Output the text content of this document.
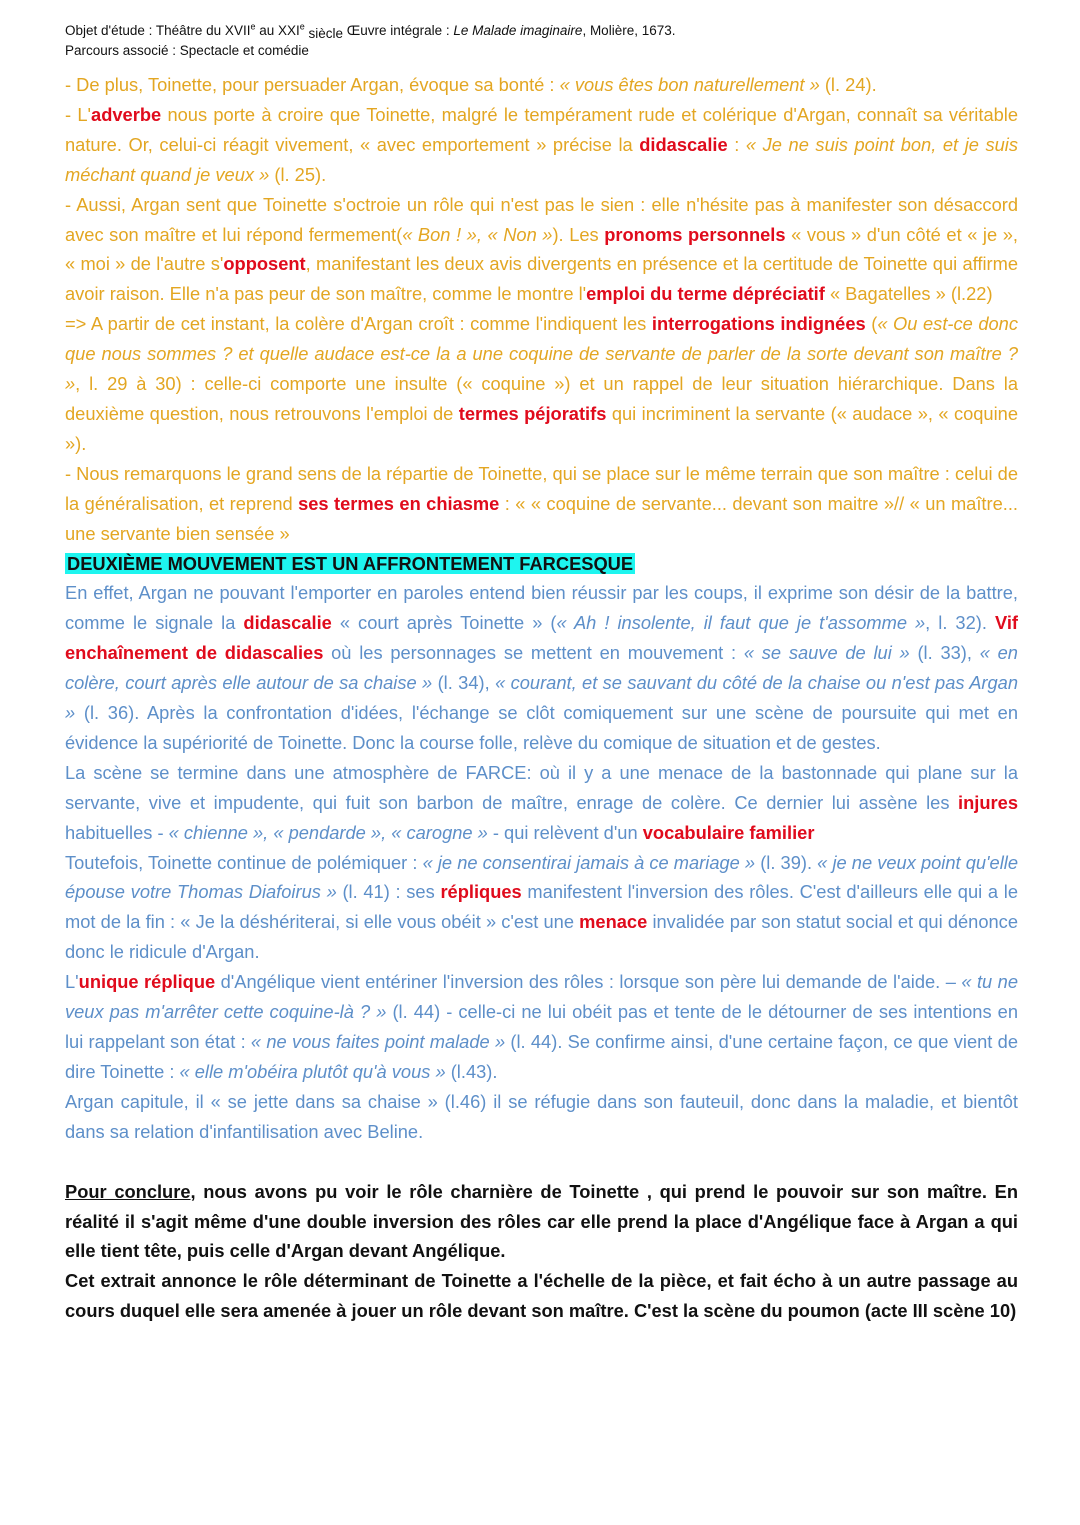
Objet d'étude : Théâtre du XVIIe au XXIe siècle Œuvre intégrale : Le Malade imaginaire, Molière, 1673.
Parcours associé : Spectacle et comédie

- De plus, Toinette, pour persuader Argan, évoque sa bonté : « vous êtes bon naturellement » (l. 24).

- L'adverbe nous porte à croire que Toinette, malgré le tempérament rude et colérique d'Argan, connaît sa véritable nature. Or, celui-ci réagit vivement, « avec emportement » précise la didascalie : « Je ne suis point bon, et je suis méchant quand je veux » (l. 25).

- Aussi, Argan sent que Toinette s'octroie un rôle qui n'est pas le sien : elle n'hésite pas à manifester son désaccord avec son maître et lui répond fermement(« Bon ! », « Non »). Les pronoms personnels « vous » d'un côté et « je », « moi » de l'autre s'opposent, manifestant les deux avis divergents en présence et la certitude de Toinette qui affirme avoir raison. Elle n'a pas peur de son maître, comme le montre l'emploi du terme dépréciatif « Bagatelles » (l.22)

=> A partir de cet instant, la colère d'Argan croît : comme l'indiquent les interrogations indignées (« Ou est-ce donc que nous sommes ? et quelle audace est-ce la a une coquine de servante de parler de la sorte devant son maître ? », l. 29 à 30) : celle-ci comporte une insulte (« coquine ») et un rappel de leur situation hiérarchique. Dans la deuxième question, nous retrouvons l'emploi de termes péjoratifs qui incriminent la servante (« audace », « coquine »).

- Nous remarquons le grand sens de la répartie de Toinette, qui se place sur le même terrain que son maître : celui de la généralisation, et reprend ses termes en chiasme : « « coquine de servante... devant son maitre »// « un maître... une servante bien sensée »

DEUXIÈME MOUVEMENT EST UN AFFRONTEMENT FARCESQUE

En effet, Argan ne pouvant l'emporter en paroles entend bien réussir par les coups, il exprime son désir de la battre, comme le signale la didascalie « court après Toinette » (« Ah ! insolente, il faut que je t'assomme », l. 32). Vif enchaînement de didascalies où les personnages se mettent en mouvement : « se sauve de lui » (l. 33), « en colère, court après elle autour de sa chaise » (l. 34), « courant, et se sauvant du côté de la chaise ou n'est pas Argan » (l. 36). Après la confrontation d'idées, l'échange se clôt comiquement sur une scène de poursuite qui met en évidence la supériorité de Toinette. Donc la course folle, relève du comique de situation et de gestes.

La scène se termine dans une atmosphère de FARCE: où il y a une menace de la bastonnade qui plane sur la servante, vive et impudente, qui fuit son barbon de maître, enrage de colère. Ce dernier lui assène les injures habituelles - « chienne », « pendarde », « carogne » - qui relèvent d'un vocabulaire familier

Toutefois, Toinette continue de polémiquer : « je ne consentirai jamais à ce mariage » (l. 39). « je ne veux point qu'elle épouse votre Thomas Diafoirus » (l. 41) : ses répliques manifestent l'inversion des rôles. C'est d'ailleurs elle qui a le mot de la fin : « Je la déshériterai, si elle vous obéit » c'est une menace invalidée par son statut social et qui dénonce donc le ridicule d'Argan.

L'unique réplique d'Angélique vient entériner l'inversion des rôles : lorsque son père lui demande de l'aide. – « tu ne veux pas m'arrêter cette coquine-là ? » (l. 44) - celle-ci ne lui obéit pas et tente de le détourner de ses intentions en lui rappelant son état : « ne vous faites point malade » (l. 44). Se confirme ainsi, d'une certaine façon, ce que vient de dire Toinette : « elle m'obéira plutôt qu'à vous » (l.43).

Argan capitule, il « se jette dans sa chaise » (l.46) il se réfugie dans son fauteuil, donc dans la maladie, et bientôt dans sa relation d'infantilisation avec Beline.

Pour conclure, nous avons pu voir le rôle charnière de Toinette , qui prend le pouvoir sur son maître. En réalité il s'agit même d'une double inversion des rôles car elle prend la place d'Angélique face à Argan a qui elle tient tête, puis celle d'Argan devant Angélique.

Cet extrait annonce le rôle déterminant de Toinette a l'échelle de la pièce, et fait écho à un autre passage au cours duquel elle sera amenée à jouer un rôle devant son maître. C'est la scène du poumon (acte III scène 10)
